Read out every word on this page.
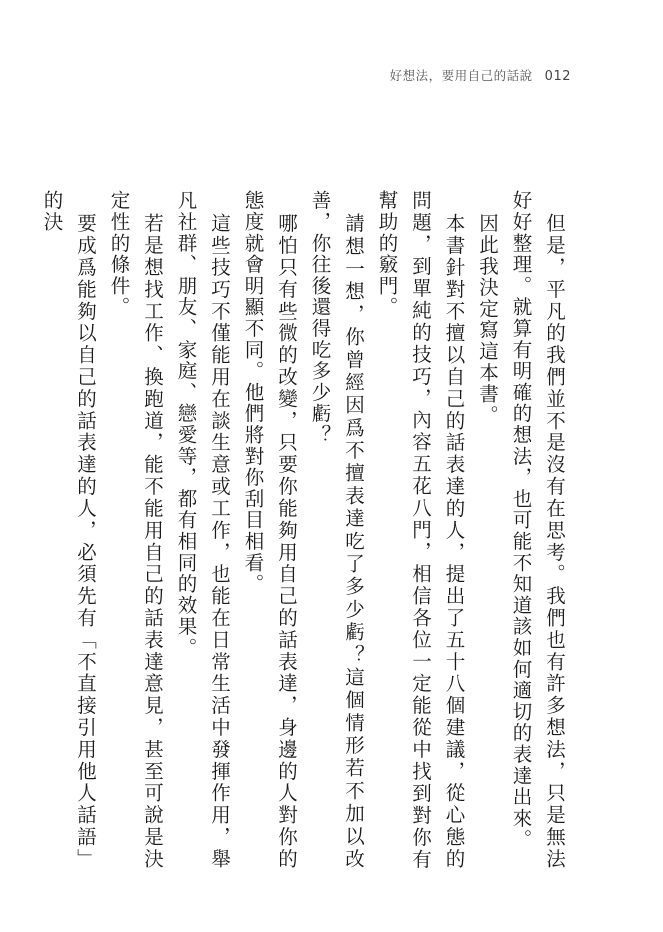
好想法，要用自己的話說 012

但是，平凡的我們並不是沒有在思考。我們也有許多想法，只是無法好好整理。就算有明確的想法，也可能不知道該如何適切的表達出來。

因此我決定寫這本書。

本書針對不擅以自己的話表達的人，提出了五十八個建議，從心態的問題，到單純的技巧，內容五花八門，相信各位一定能從中找到對你有幫助的竅門。

請想一想，你曾經因爲不擅表達吃了多少虧？這個情形若不加以改善，你往後還得吃多少虧？

哪怕只有些微的改變，只要你能夠用自己的話表達，身邊的人對你的態度就會明顯不同。他們將對你刮目相看。

這些技巧不僅能用在談生意或工作，也能在日常生活中發揮作用，舉凡社群、朋友、家庭、戀愛等，都有相同的效果。

若是想找工作、換跑道，能不能用自己的話表達意見，甚至可說是決定性的條件。

要成爲能夠以自己的話表達的人，必須先有「不直接引用他人話語」的決
